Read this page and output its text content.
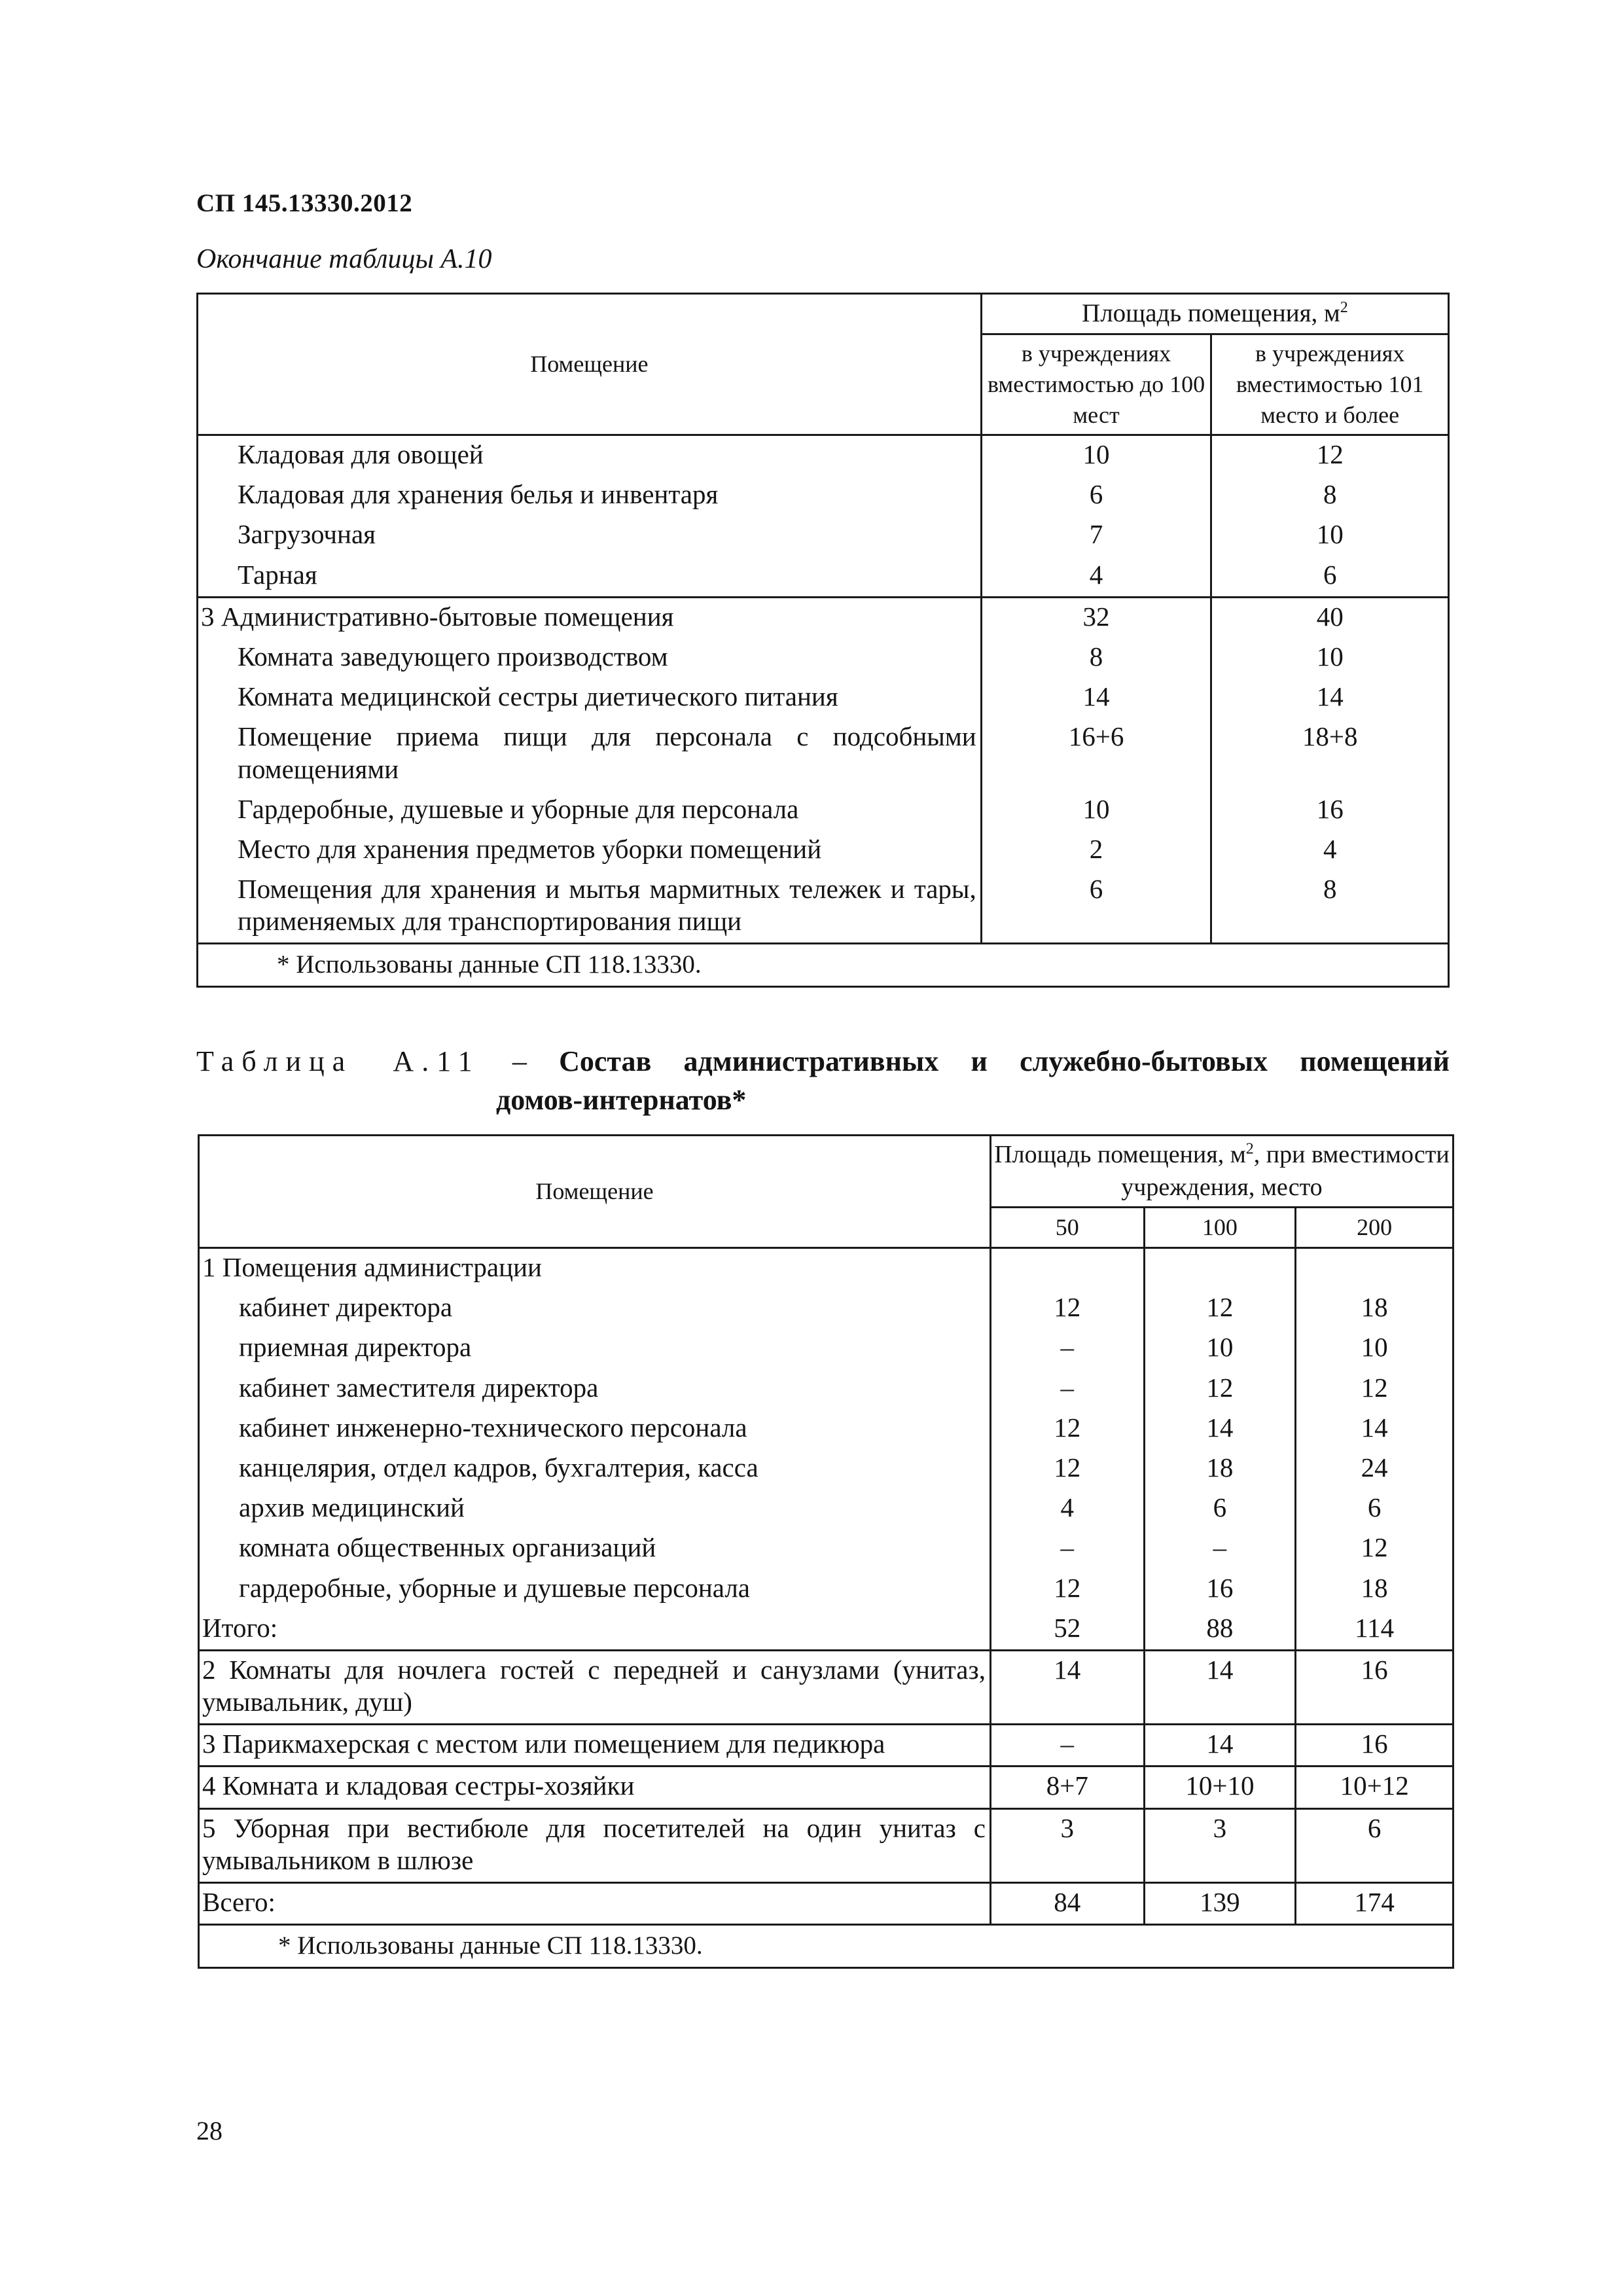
СП 145.13330.2012
Окончание таблицы А.10
Помещение	Площадь помещения, $м^2$
	в учреждениях вместимостью до 100 мест	в учреждениях вместимостью 101 место и более
Кладовая для овощей	10	12
Кладовая для хранения белья и инвентаря	6	8
Загрузочная	7	10
Тарная	4	6
3 Административно-бытовые помещения	32	40
Комната заведующего производством	8	10
Комната медицинской сестры диетического питания	14	14
Помещение приема пищи для персонала с подсобными помещениями	16+6	18+8
Гардеробные, душевые и уборные для персонала	10	16
Место для хранения предметов уборки помещений	2	4
Помещения для хранения и мытья мармитных тележек и тары, применяемых для транспортирования пищи	6	8
* Использованы данные СП 118.13330.		
Таблица А.11 – Состав административных и служебно-бытовых помещений
домов-интернатов*
Помещение	Площадь помещения, $м^2$, при вместимости учреждения, место		
	50	100	200
1 Помещения администрации			
кабинет директора	12	12	18
приемная директора	–	10	10
кабинет заместителя директора	–	12	12
кабинет инженерно-технического персонала	12	14	14
канцелярия, отдел кадров, бухгалтерия, касса	12	18	24
архив медицинский	4	6	6
комната общественных организаций	–	–	12
гардеробные, уборные и душевые персонала	12	16	18
Итого:	52	88	114
2 Комнаты для ночлега гостей с передней и санузлами (унитаз, умывальник, душ)	14	14	16
3 Парикмахерская с местом или помещением для педикюра	–	14	16
4 Комната и кладовая сестры-хозяйки	8+7	10+10	10+12
5 Уборная при вестибюле для посетителей на один унитаз с умывальником в шлюзе	3	3	6
Всего:	84	139	174
* Использованы данные СП 118.13330.			
28
